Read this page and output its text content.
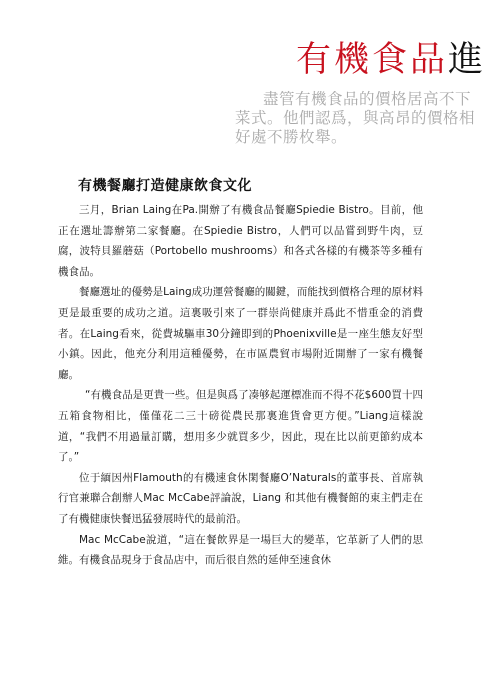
有機食品進

盡管有機食品的價格居高不下

菜式。他們認爲，與高昂的價格相

好處不勝枚舉。

有機餐廳打造健康飲食文化

三月，Brian Laing在Pa.開辦了有機食品餐廳Spiedie Bistro。目前，他正在選址籌辦第二家餐廳。在Spiedie Bistro，人們可以品嘗到野牛肉，豆腐，波特貝羅蘑菇（Portobello mushrooms）和各式各樣的有機茶等多種有機食品。

餐廳選址的優勢是Laing成功運營餐廳的關鍵，而能找到價格合理的原材料更是最重要的成功之道。這裏吸引來了一群崇尚健康并爲此不惜重金的消費者。在Laing看來，從費城驅車30分鐘即到的Phoenixville是一座生態友好型小鎮。因此，他充分利用這種優勢，在市區農貿市場附近開辦了一家有機餐廳。

“有機食品是更貴一些。但是與爲了凑够起運標准而不得不花$600買十四五箱食物相比，僅僅花二三十磅從農民那裏進貨會更方便。”Liang這樣說道，“我們不用過量訂購，想用多少就買多少，因此，現在比以前更節約成本了。”

位于緬因州Flamouth的有機速食休閑餐廳O’Naturals的董事長、首席執行官兼聯合創辦人Mac McCabe評論說，Liang 和其他有機餐館的東主們走在了有機健康快餐迅猛發展時代的最前沿。

Mac McCabe說道，“這在餐飲界是一場巨大的變革，它革新了人們的思維。有機食品現身于食品店中，而后很自然的延伸至速食休
